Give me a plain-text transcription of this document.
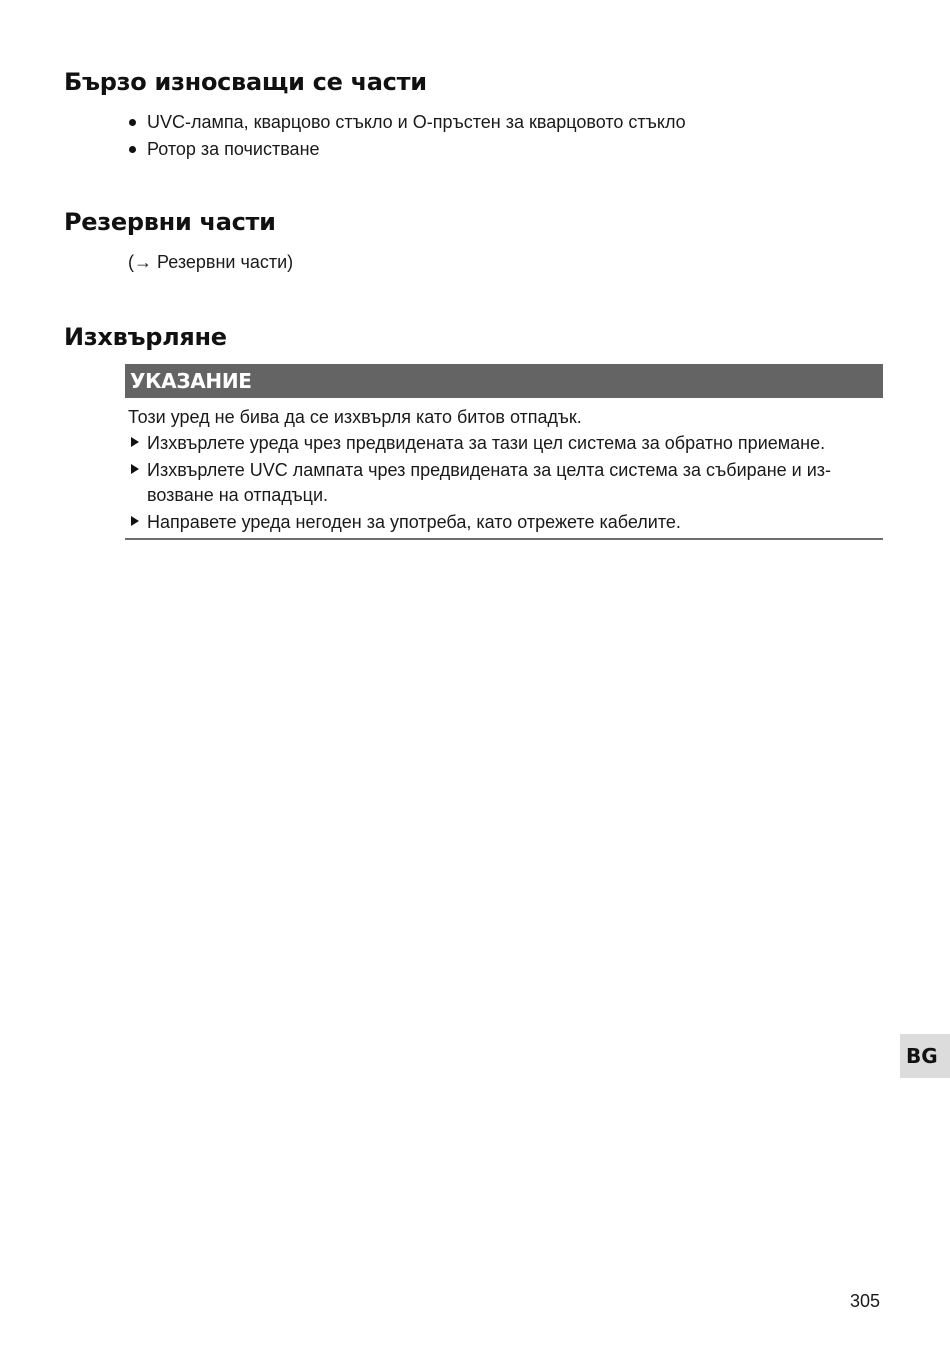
Бързо износващи се части
UVC-лампа, кварцово стъкло и O-пръстен за кварцовото стъкло
Ротор за почистване
Резервни части
(→ Резервни части)
Изхвърляне
УКАЗАНИЕ
Този уред не бива да се изхвърля като битов отпадък.
Изхвърлете уреда чрез предвидената за тази цел система за обратно приемане.
Изхвърлете UVC лампата чрез предвидената за целта система за събиране и из-
возване на отпадъци.
Направете уреда негоден за употреба, като отрежете кабелите.
BG
305
